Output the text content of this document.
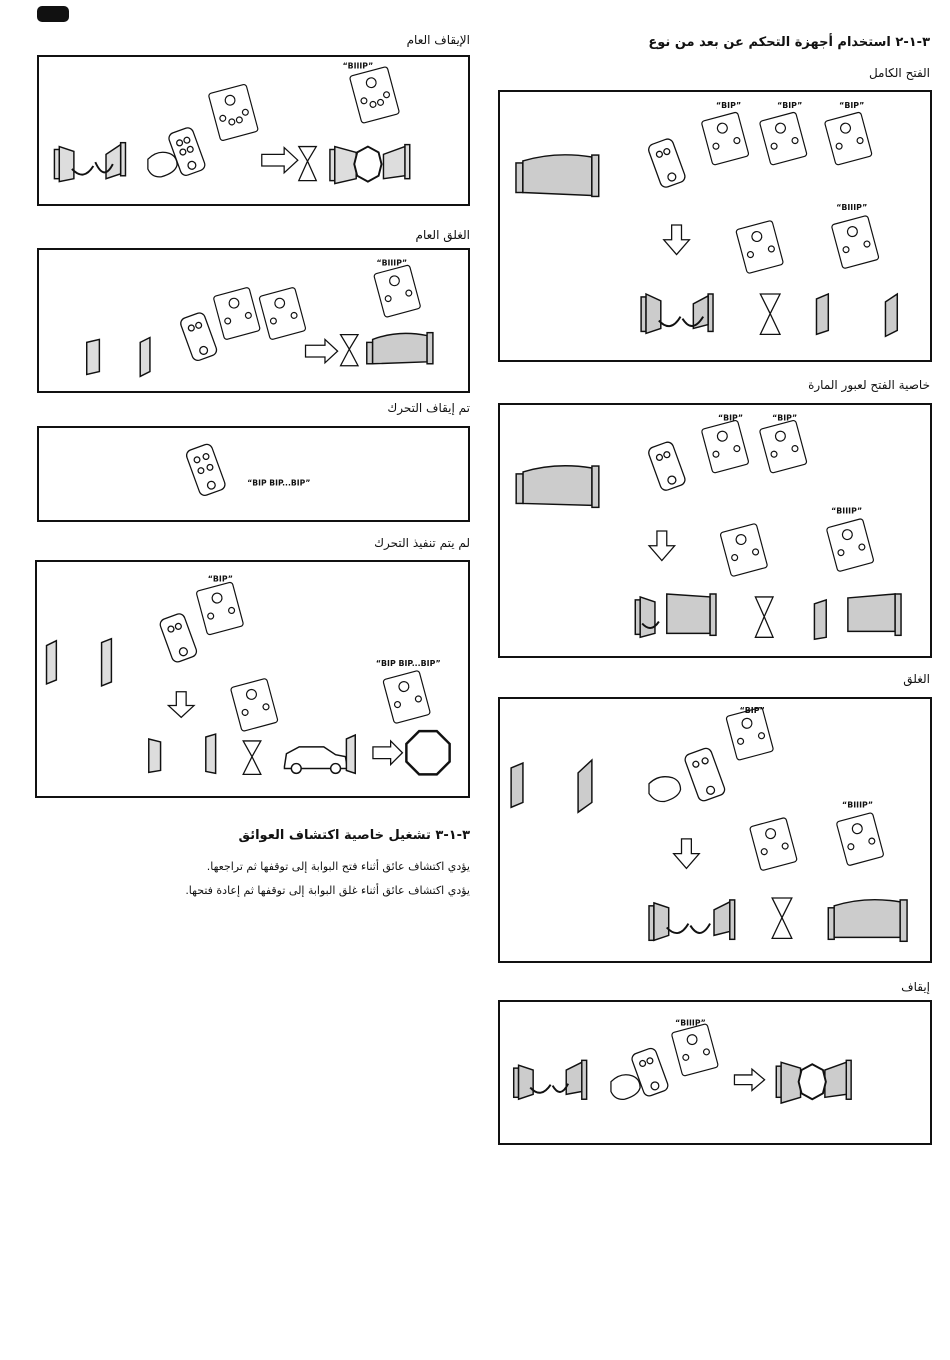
الإيقاف العام
“BIIIP”
الغلق العام
“BIIIP”
تم إيقاف التحرك
“BIP BIP...BIP”
لم يتم تنفيذ التحرك
“BIP”
“BIP BIP...BIP”
٣-١-٣ تشغيل خاصية اكتشاف العوائق
يؤدي اكتشاف عائق أثناء فتح البوابة إلى توقفها ثم تراجعها.
يؤدي اكتشاف عائق أثناء غلق البوابة إلى توقفها ثم إعادة فتحها.
٣-١-٢ استخدام أجهزة التحكم عن بعد من نوع
الفتح الكامل
“BIP”	“BIP”	“BIP”
“BIIIP”
خاصية الفتح لعبور المارة
“BIP”	“BIP”
“BIIIP”
الغلق
“BIP”
“BIIIP”
إيقاف
“BIIIP”
